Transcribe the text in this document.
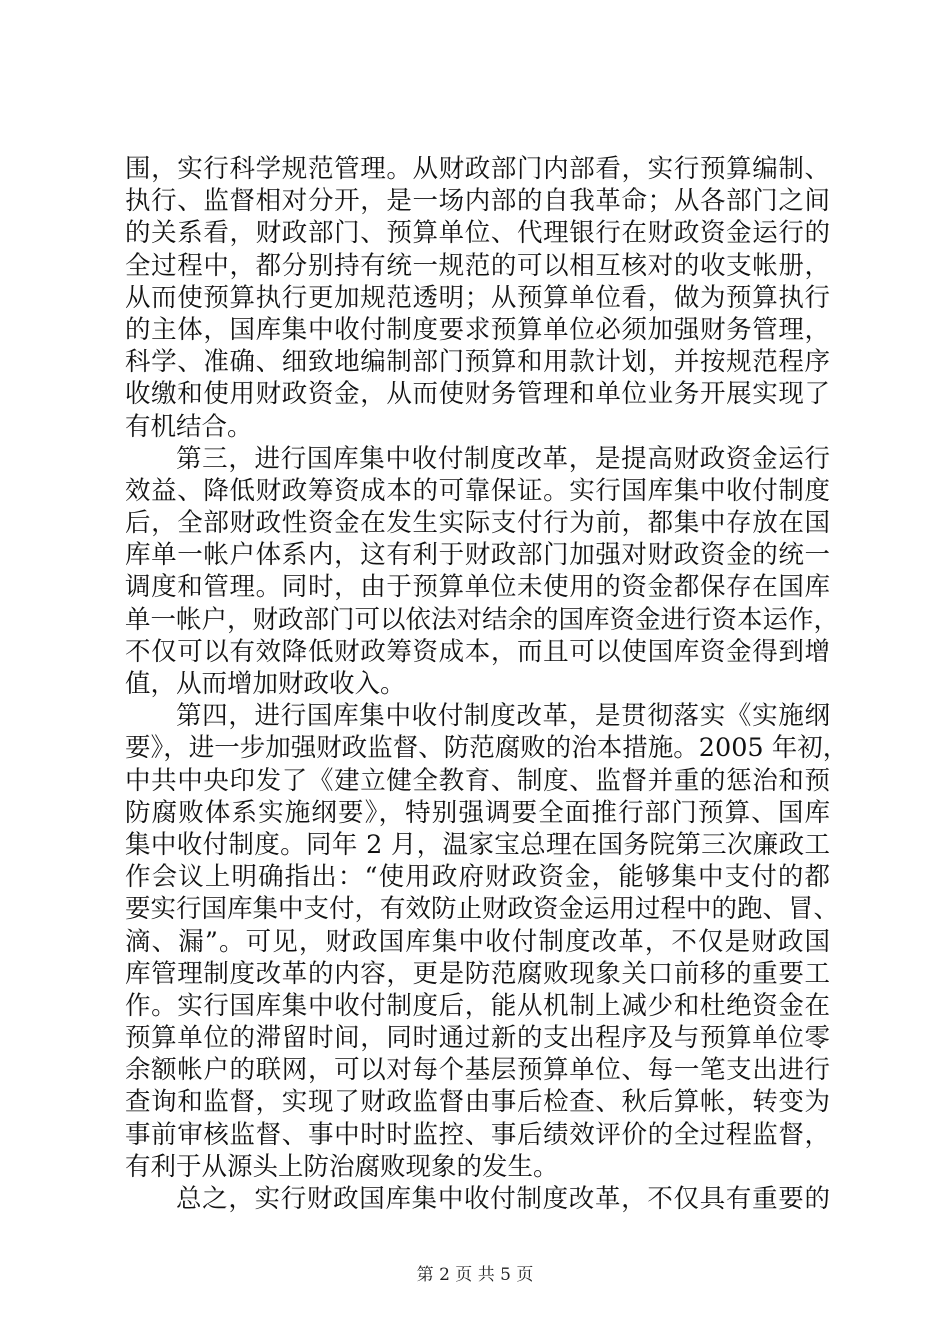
围，实行科学规范管理。从财政部门内部看，实行预算编制、
执行、监督相对分开，是一场内部的自我革命；从各部门之间
的关系看，财政部门、预算单位、代理银行在财政资金运行的
全过程中，都分别持有统一规范的可以相互核对的收支帐册，
从而使预算执行更加规范透明；从预算单位看，做为预算执行
的主体，国库集中收付制度要求预算单位必须加强财务管理，
科学、准确、细致地编制部门预算和用款计划，并按规范程序
收缴和使用财政资金，从而使财务管理和单位业务开展实现了
有机结合。
第三，进行国库集中收付制度改革，是提高财政资金运行
效益、降低财政筹资成本的可靠保证。实行国库集中收付制度
后，全部财政性资金在发生实际支付行为前，都集中存放在国
库单一帐户体系内，这有利于财政部门加强对财政资金的统一
调度和管理。同时，由于预算单位未使用的资金都保存在国库
单一帐户，财政部门可以依法对结余的国库资金进行资本运作，
不仅可以有效降低财政筹资成本，而且可以使国库资金得到增
值，从而增加财政收入。
第四，进行国库集中收付制度改革，是贯彻落实《实施纲
要》，进一步加强财政监督、防范腐败的治本措施。2005 年初，
中共中央印发了《建立健全教育、制度、监督并重的惩治和预
防腐败体系实施纲要》，特别强调要全面推行部门预算、国库
集中收付制度。同年 2 月，温家宝总理在国务院第三次廉政工
作会议上明确指出：“使用政府财政资金，能够集中支付的都
要实行国库集中支付，有效防止财政资金运用过程中的跑、冒、
滴、漏”。可见，财政国库集中收付制度改革，不仅是财政国
库管理制度改革的内容，更是防范腐败现象关口前移的重要工
作。实行国库集中收付制度后，能从机制上减少和杜绝资金在
预算单位的滞留时间，同时通过新的支出程序及与预算单位零
余额帐户的联网，可以对每个基层预算单位、每一笔支出进行
查询和监督，实现了财政监督由事后检查、秋后算帐，转变为
事前审核监督、事中时时监控、事后绩效评价的全过程监督，
有利于从源头上防治腐败现象的发生。
总之，实行财政国库集中收付制度改革，不仅具有重要的
第 2 页 共 5 页
